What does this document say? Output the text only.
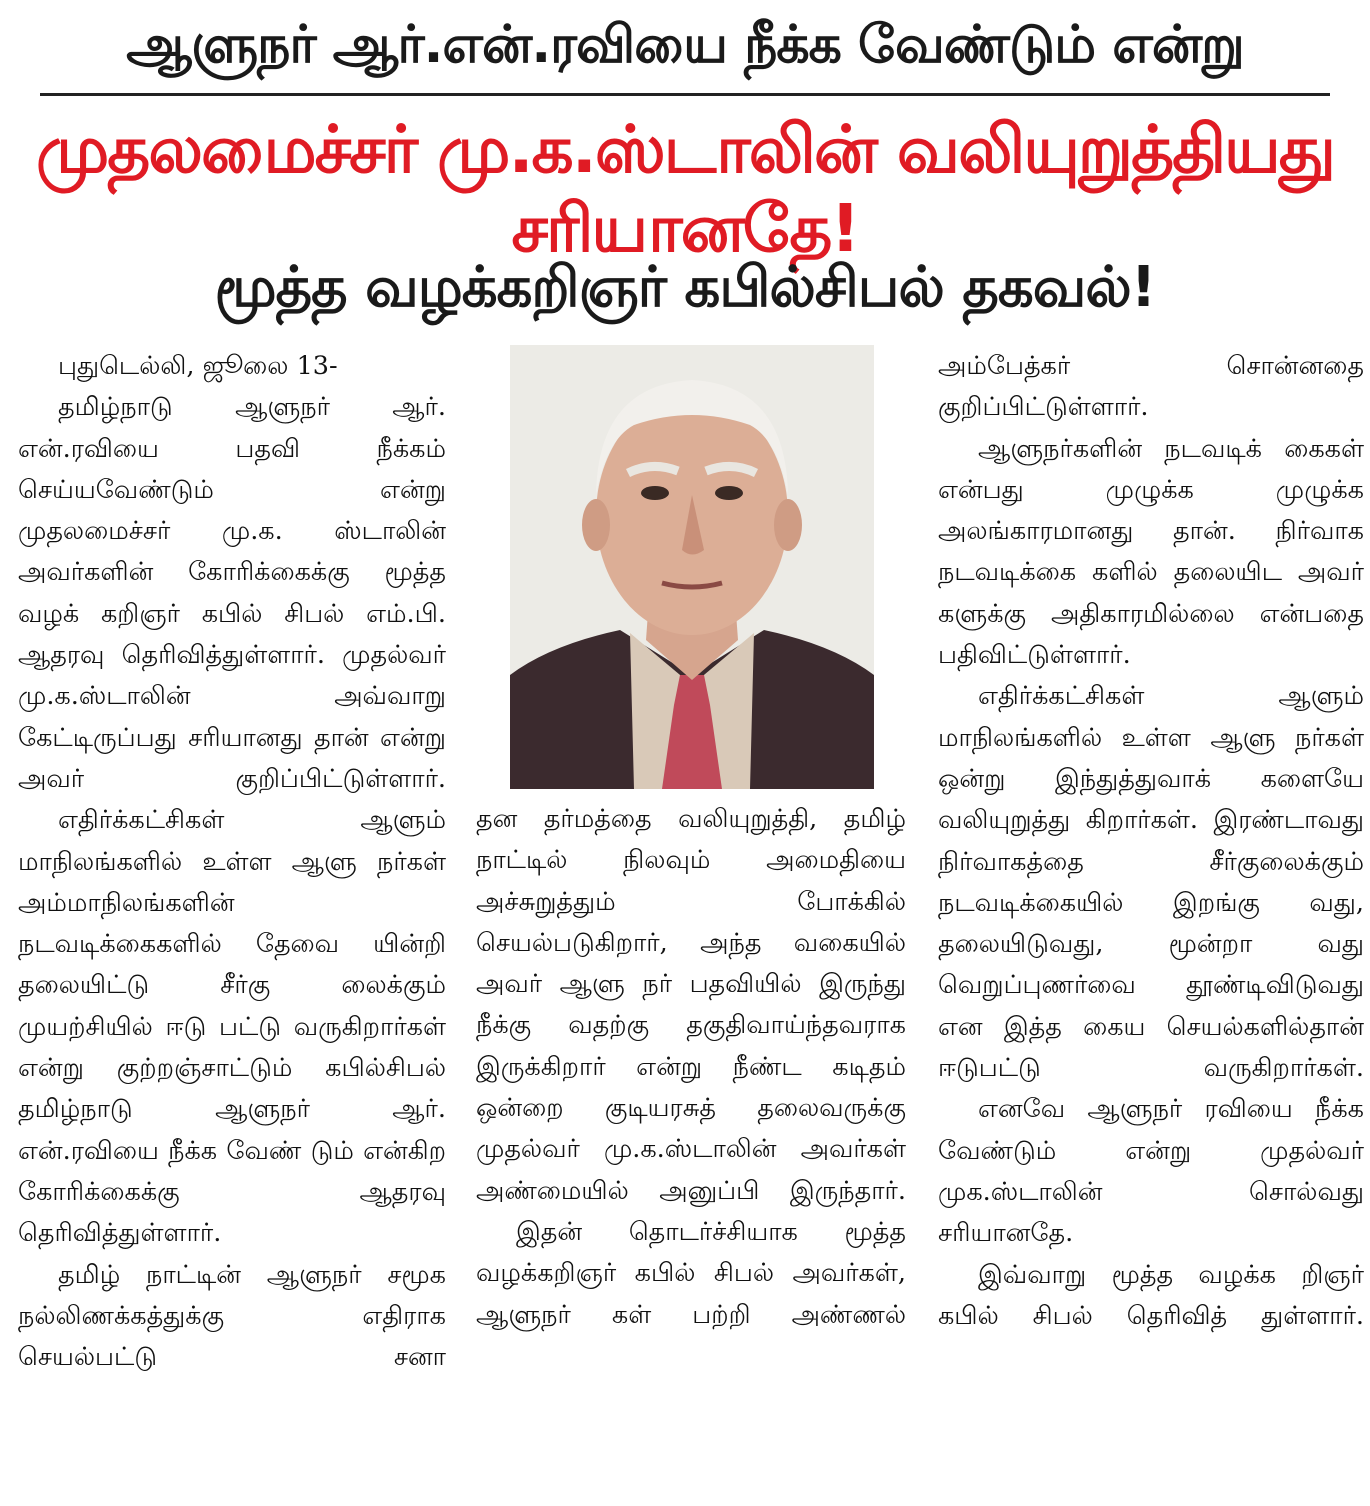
ஆளுநர் ஆர்.என்.ரவியை நீக்க வேண்டும் என்று
முதலமைச்சர் மு.க.ஸ்டாலின் வலியுறுத்தியது சரியானதே!
மூத்த வழக்கறிஞர் கபில்சிபல் தகவல்!

புதுடெல்லி, ஜூலை 13-

தமிழ்நாடு ஆளுநர் ஆர். என்.ரவியை பதவி நீக்கம் செய்யவேண்டும் என்று முதலமைச்சர் மு.க. ஸ்டாலின் அவர்களின் கோரிக்கைக்கு மூத்த வழக் கறிஞர் கபில் சிபல் எம்.பி. ஆதரவு தெரிவித்துள்ளார். முதல்வர் மு.க.ஸ்டாலின் அவ்வாறு கேட்டிருப்பது சரியானது தான் என்று அவர் குறிப்பிட்டுள்ளார்.

எதிர்க்கட்சிகள் ஆளும் மாநிலங்களில் உள்ள ஆளு நர்கள் அம்மாநிலங்களின் நடவடிக்கைகளில் தேவை யின்றி தலையிட்டு சீர்கு லைக்கும் முயற்சியில் ஈடு பட்டு வருகிறார்கள் என்று குற்றஞ்சாட்டும் கபில்சிபல் தமிழ்நாடு ஆளுநர் ஆர். என்.ரவியை நீக்க வேண் டும் என்கிற கோரிக்கைக்கு ஆதரவு தெரிவித்துள்ளார்.

தமிழ் நாட்டின் ஆளுநர் சமூக நல்லிணக்கத்துக்கு எதிராக செயல்பட்டு சனா

தன தர்மத்தை வலியுறுத்தி, தமிழ் நாட்டில் நிலவும் அமைதியை அச்சுறுத்தும் போக்கில் செயல்படுகிறார், அந்த வகையில் அவர் ஆளு நர் பதவியில் இருந்து நீக்கு வதற்கு தகுதிவாய்ந்தவராக இருக்கிறார் என்று நீண்ட கடிதம் ஒன்றை குடியரசுத் தலைவருக்கு முதல்வர் மு.க.ஸ்டாலின் அவர்கள் அண்மையில் அனுப்பி இருந்தார்.

இதன் தொடர்ச்சியாக மூத்த வழக்கறிஞர் கபில் சிபல் அவர்கள், ஆளுநர் கள் பற்றி அண்ணல்

அம்பேத்கர் சொன்னதை குறிப்பிட்டுள்ளார்.

ஆளுநர்களின் நடவடிக் கைகள் என்பது முழுக்க முழுக்க அலங்காரமானது தான். நிர்வாக நடவடிக்கை களில் தலையிட அவர் களுக்கு அதிகாரமில்லை என்பதை பதிவிட்டுள்ளார்.

எதிர்க்கட்சிகள் ஆளும் மாநிலங்களில் உள்ள ஆளு நர்கள் ஒன்று இந்துத்துவாக் களையே வலியுறுத்து கிறார்கள். இரண்டாவது நிர்வாகத்தை சீர்குலைக்கும் நடவடிக்கையில் இறங்கு வது, தலையிடுவது, மூன்றா வது வெறுப்புணர்வை தூண்டிவிடுவது என இத்த கைய செயல்களில்தான் ஈடுபட்டு வருகிறார்கள்.

எனவே ஆளுநர் ரவியை நீக்க வேண்டும் என்று முதல்வர் முக.ஸ்டாலின் சொல்வது சரியானதே.

இவ்வாறு மூத்த வழக்க றிஞர் கபில் சிபல் தெரிவித் துள்ளார்.
